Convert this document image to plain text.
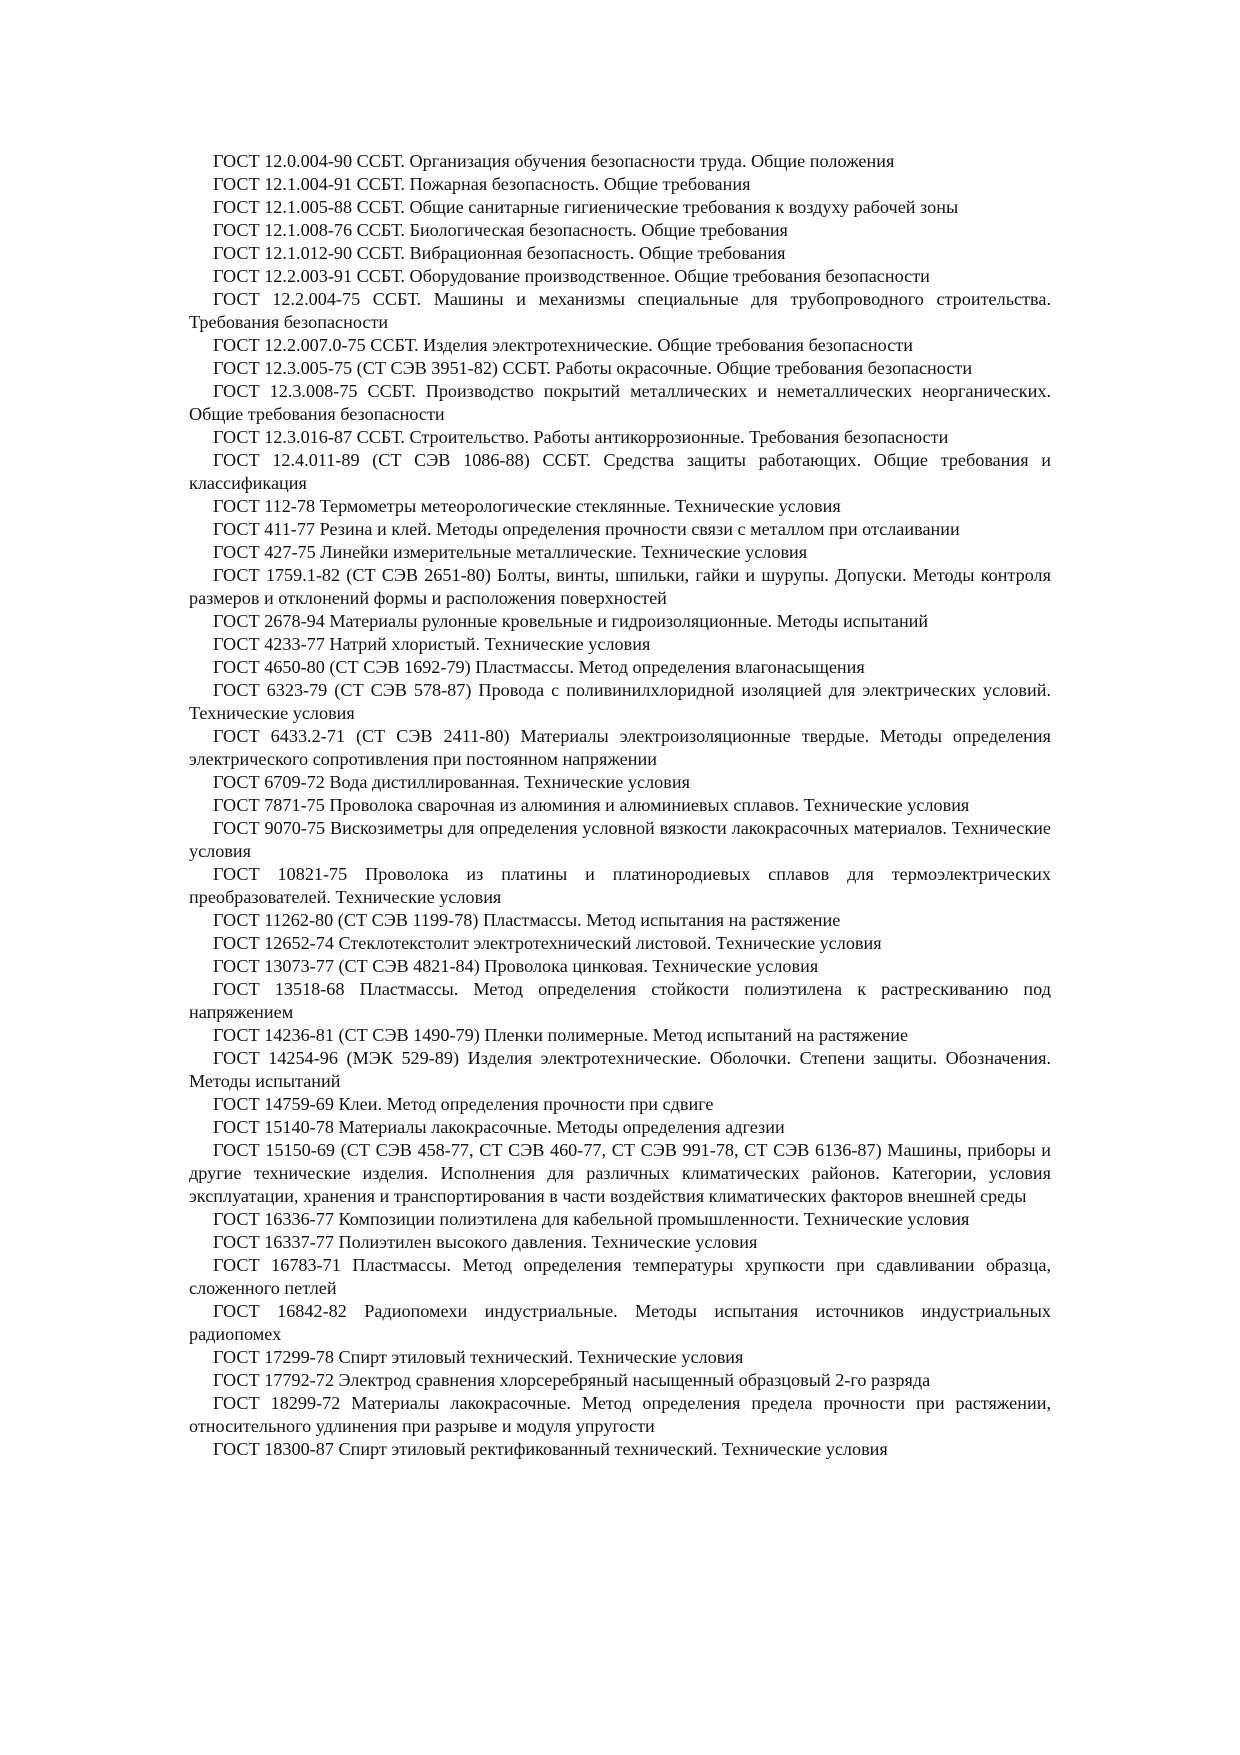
ГОСТ 12.0.004-90 ССБТ. Организация обучения безопасности труда. Общие положения

ГОСТ 12.1.004-91 ССБТ. Пожарная безопасность. Общие требования

ГОСТ 12.1.005-88 ССБТ. Общие санитарные гигиенические требования к воздуху рабочей зоны

ГОСТ 12.1.008-76 ССБТ. Биологическая безопасность. Общие требования

ГОСТ 12.1.012-90 ССБТ. Вибрационная безопасность. Общие требования

ГОСТ 12.2.003-91 ССБТ. Оборудование производственное. Общие требования безопасности

ГОСТ 12.2.004-75 ССБТ. Машины и механизмы специальные для трубопроводного строительства. Требования безопасности

ГОСТ 12.2.007.0-75 ССБТ. Изделия электротехнические. Общие требования безопасности

ГОСТ 12.3.005-75 (СТ СЭВ 3951-82) ССБТ. Работы окрасочные. Общие требования безопасности

ГОСТ 12.3.008-75 ССБТ. Производство покрытий металлических и неметаллических неорганических. Общие требования безопасности

ГОСТ 12.3.016-87 ССБТ. Строительство. Работы антикоррозионные. Требования безопасности

ГОСТ 12.4.011-89 (СТ СЭВ 1086-88) ССБТ. Средства защиты работающих. Общие требования и классификация

ГОСТ 112-78 Термометры метеорологические стеклянные. Технические условия

ГОСТ 411-77 Резина и клей. Методы определения прочности связи с металлом при отслаивании

ГОСТ 427-75 Линейки измерительные металлические. Технические условия

ГОСТ 1759.1-82 (СТ СЭВ 2651-80) Болты, винты, шпильки, гайки и шурупы. Допуски. Методы контроля размеров и отклонений формы и расположения поверхностей

ГОСТ 2678-94 Материалы рулонные кровельные и гидроизоляционные. Методы испытаний

ГОСТ 4233-77 Натрий хлористый. Технические условия

ГОСТ 4650-80 (СТ СЭВ 1692-79) Пластмассы. Метод определения влагонасыщения

ГОСТ 6323-79 (СТ СЭВ 578-87) Провода с поливинилхлоридной изоляцией для электрических условий. Технические условия

ГОСТ 6433.2-71 (СТ СЭВ 2411-80) Материалы электроизоляционные твердые. Методы определения электрического сопротивления при постоянном напряжении

ГОСТ 6709-72 Вода дистиллированная. Технические условия

ГОСТ 7871-75 Проволока сварочная из алюминия и алюминиевых сплавов. Технические условия

ГОСТ 9070-75 Вискозиметры для определения условной вязкости лакокрасочных материалов. Технические условия

ГОСТ 10821-75 Проволока из платины и платинородиевых сплавов для термоэлектрических преобразователей. Технические условия

ГОСТ 11262-80 (СТ СЭВ 1199-78) Пластмассы. Метод испытания на растяжение

ГОСТ 12652-74 Стеклотекстолит электротехнический листовой. Технические условия

ГОСТ 13073-77 (СТ СЭВ 4821-84) Проволока цинковая. Технические условия

ГОСТ 13518-68 Пластмассы. Метод определения стойкости полиэтилена к растрескиванию под напряжением

ГОСТ 14236-81 (СТ СЭВ 1490-79) Пленки полимерные. Метод испытаний на растяжение

ГОСТ 14254-96 (МЭК 529-89) Изделия электротехнические. Оболочки. Степени защиты. Обозначения. Методы испытаний

ГОСТ 14759-69 Клеи. Метод определения прочности при сдвиге

ГОСТ 15140-78 Материалы лакокрасочные. Методы определения адгезии

ГОСТ 15150-69 (СТ СЭВ 458-77, СТ СЭВ 460-77, СТ СЭВ 991-78, СТ СЭВ 6136-87) Машины, приборы и другие технические изделия. Исполнения для различных климатических районов. Категории, условия эксплуатации, хранения и транспортирования в части воздействия климатических факторов внешней среды

ГОСТ 16336-77 Композиции полиэтилена для кабельной промышленности. Технические условия

ГОСТ 16337-77 Полиэтилен высокого давления. Технические условия

ГОСТ 16783-71 Пластмассы. Метод определения температуры хрупкости при сдавливании образца, сложенного петлей

ГОСТ 16842-82 Радиопомехи индустриальные. Методы испытания источников индустриальных радиопомех

ГОСТ 17299-78 Спирт этиловый технический. Технические условия

ГОСТ 17792-72 Электрод сравнения хлорсеребряный насыщенный образцовый 2-го разряда

ГОСТ 18299-72 Материалы лакокрасочные. Метод определения предела прочности при растяжении, относительного удлинения при разрыве и модуля упругости

ГОСТ 18300-87 Спирт этиловый ректификованный технический. Технические условия
